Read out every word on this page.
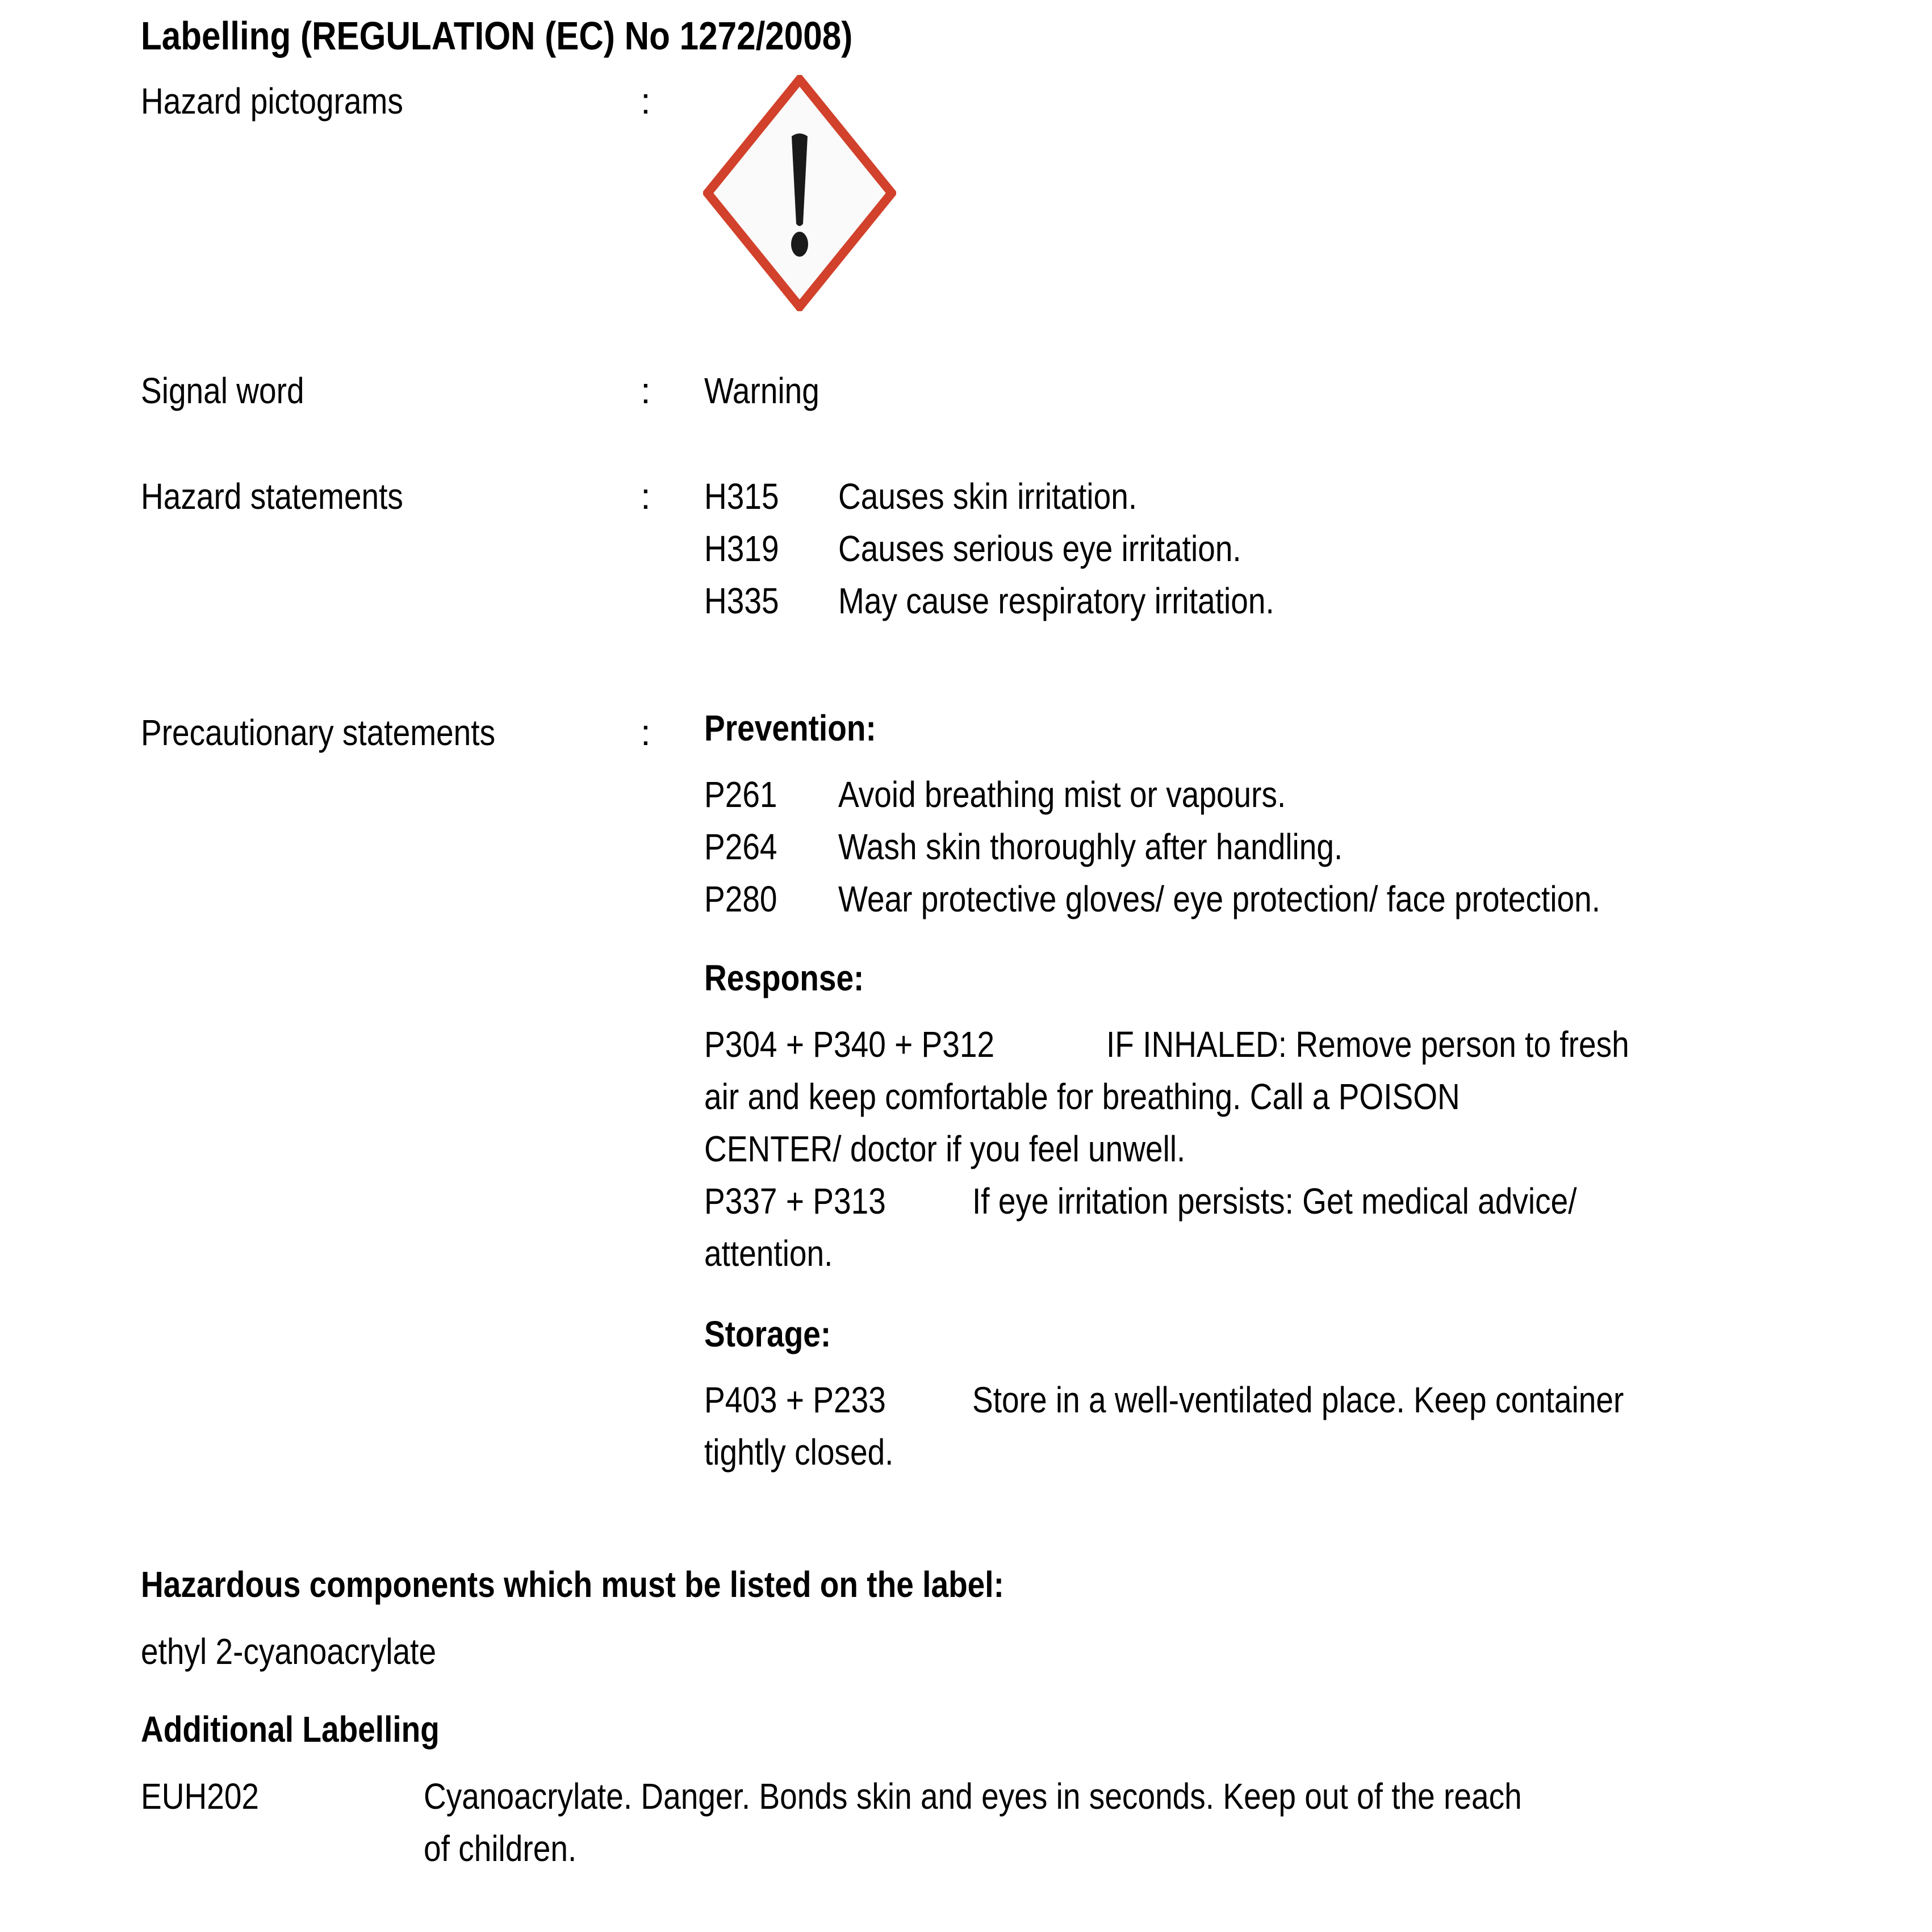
Labelling (REGULATION (EC) No 1272/2008)
Hazard pictograms	:
Signal word	: Warning
Hazard statements	: H315 Causes skin irritation.
H319 Causes serious eye irritation.
H335 May cause respiratory irritation.
Precautionary statements	: Prevention:
P261 Avoid breathing mist or vapours.
P264 Wash skin thoroughly after handling.
P280 Wear protective gloves/ eye protection/ face protection.
Response:
P304 + P340 + P312	IF INHALED: Remove person to fresh
air and keep comfortable for breathing. Call a POISON
CENTER/ doctor if you feel unwell.
P337 + P313 If eye irritation persists: Get medical advice/
attention.
Storage:
P403 + P233 Store in a well-ventilated place. Keep container
tightly closed.
Hazardous components which must be listed on the label:
ethyl 2-cyanoacrylate
Additional Labelling
EUH202	Cyanoacrylate. Danger. Bonds skin and eyes in seconds. Keep out of the reach
of children.
